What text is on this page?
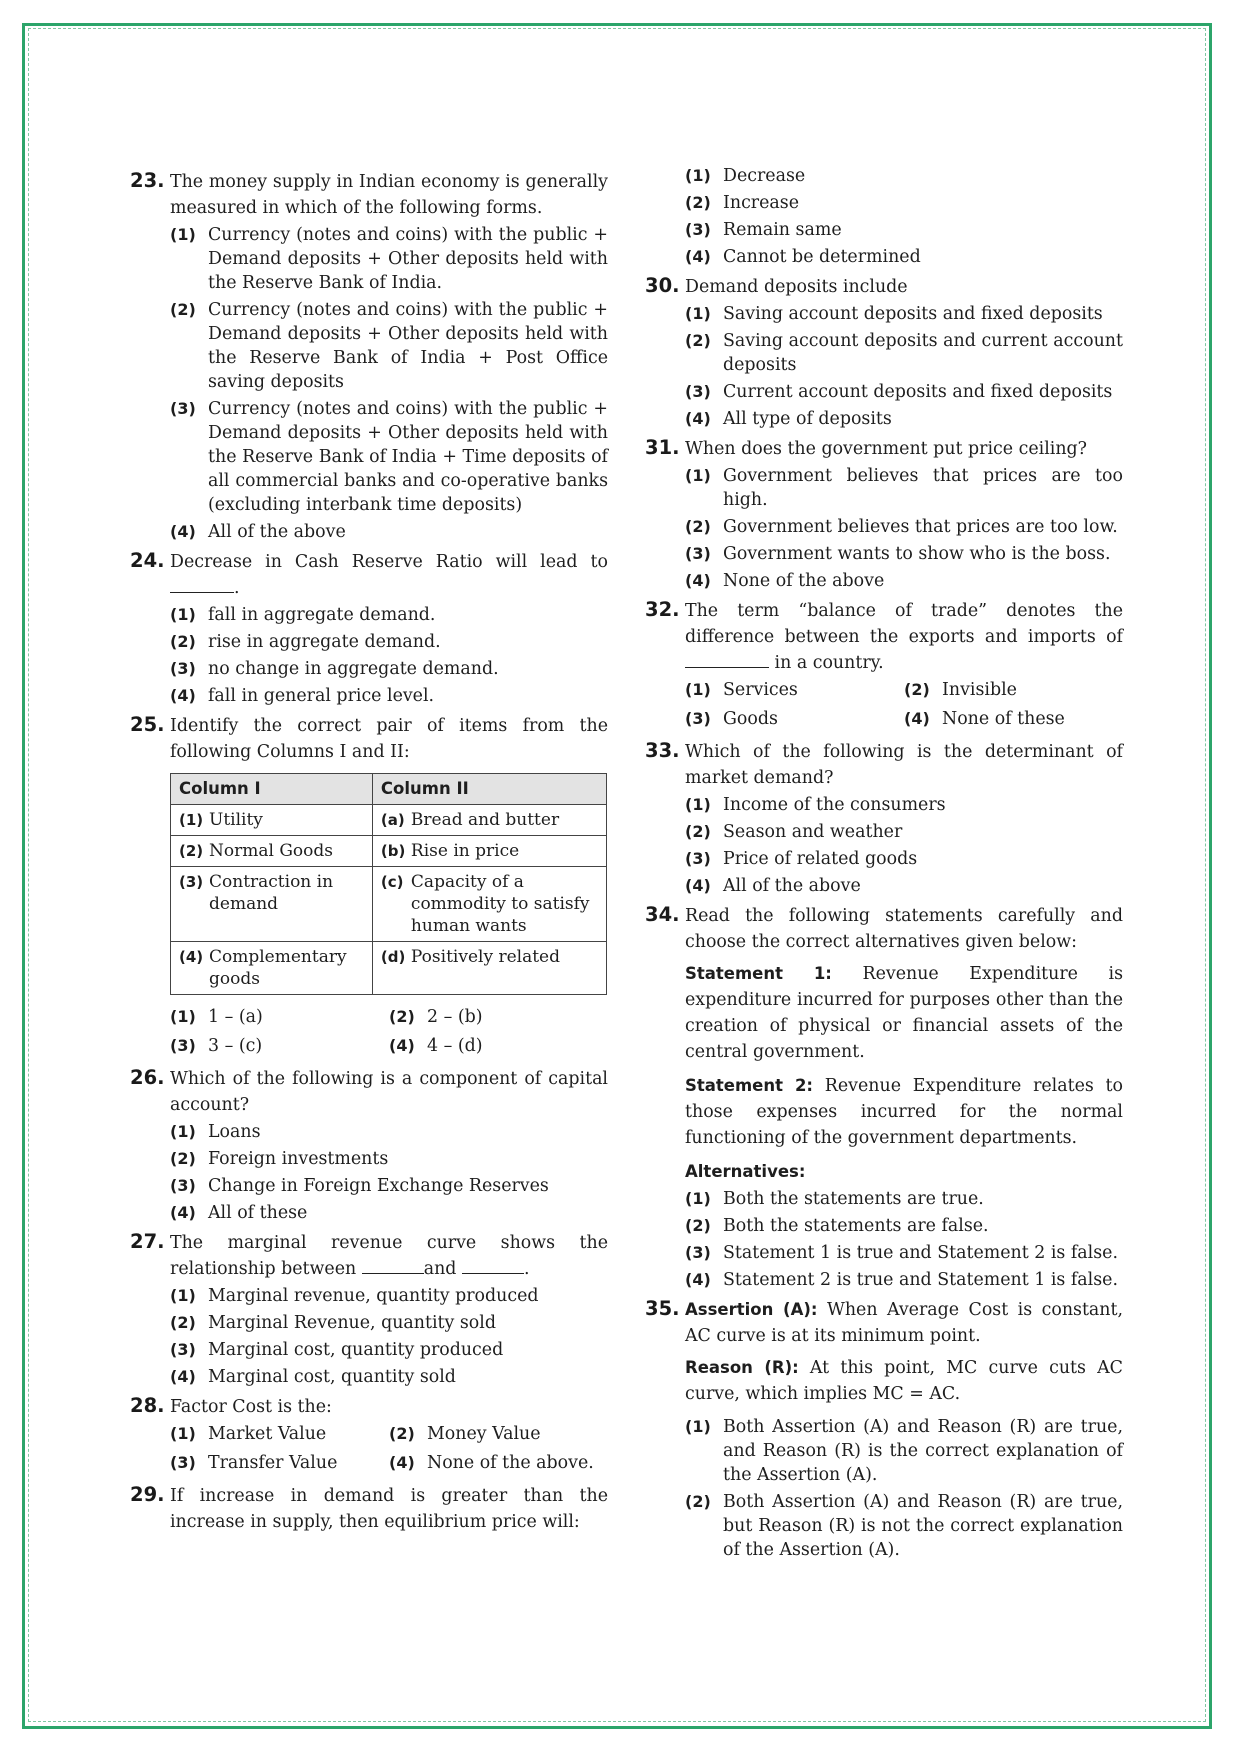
23. The money supply in Indian economy is generally measured in which of the following forms.
(1) Currency (notes and coins) with the public + Demand deposits + Other deposits held with the Reserve Bank of India.
(2) Currency (notes and coins) with the public + Demand deposits + Other deposits held with the Reserve Bank of India + Post Office saving deposits
(3) Currency (notes and coins) with the public + Demand deposits + Other deposits held with the Reserve Bank of India + Time deposits of all commercial banks and co-operative banks (excluding interbank time deposits)
(4) All of the above
24. Decrease in Cash Reserve Ratio will lead to .
(1) fall in aggregate demand.
(2) rise in aggregate demand.
(3) no change in aggregate demand.
(4) fall in general price level.
25. Identify the correct pair of items from the following Columns I and II:
Column I	Column II

(1) Utility	(a) Bread and butter

(2) Normal Goods	(b) Rise in price

(3) Contraction in demand	(c) Capacity of a commodity to satisfy human wants

(4) Complementary goods	(d) Positively related
(1) 1 – (a)	(2) 2 – (b)
(3) 3 – (c)	(4) 4 – (d)
26. Which of the following is a component of capital account?
(1) Loans
(2) Foreign investments
(3) Change in Foreign Exchange Reserves
(4) All of these
27. The marginal revenue curve shows the relationship between	and	.
(1) Marginal revenue, quantity produced
(2) Marginal Revenue, quantity sold
(3) Marginal cost, quantity produced
(4) Marginal cost, quantity sold
28. Factor Cost is the:
(1) Market Value	(2) Money Value
(3) Transfer Value	(4) None of the above.
29. If increase in demand is greater than the increase in supply, then equilibrium price will:
(1) Decrease
(2) Increase
(3) Remain same
(4) Cannot be determined
30. Demand deposits include
(1) Saving account deposits and fixed deposits
(2) Saving account deposits and current account deposits
(3) Current account deposits and fixed deposits
(4) All type of deposits
31. When does the government put price ceiling?
(1) Government believes that prices are too high.
(2) Government believes that prices are too low.
(3) Government wants to show who is the boss.
(4) None of the above
32. The term “balance of trade” denotes the difference between the exports and imports of  in a country.
(1) Services	(2) Invisible
(3) Goods	(4) None of these
33. Which of the following is the determinant of market demand?
(1) Income of the consumers
(2) Season and weather
(3) Price of related goods
(4) All of the above
34. Read the following statements carefully and choose the correct alternatives given below:
Statement 1: Revenue Expenditure is expenditure incurred for purposes other than the creation of physical or financial assets of the central government.
Statement 2: Revenue Expenditure relates to those expenses incurred for the normal functioning of the government departments.
Alternatives:
(1) Both the statements are true.
(2) Both the statements are false.
(3) Statement 1 is true and Statement 2 is false.
(4) Statement 2 is true and Statement 1 is false.
35. Assertion (A): When Average Cost is constant, AC curve is at its minimum point.
Reason (R): At this point, MC curve cuts AC curve, which implies MC = AC.
(1) Both Assertion (A) and Reason (R) are true, and Reason (R) is the correct explanation of the Assertion (A).
(2) Both Assertion (A) and Reason (R) are true, but Reason (R) is not the correct explanation of the Assertion (A).
